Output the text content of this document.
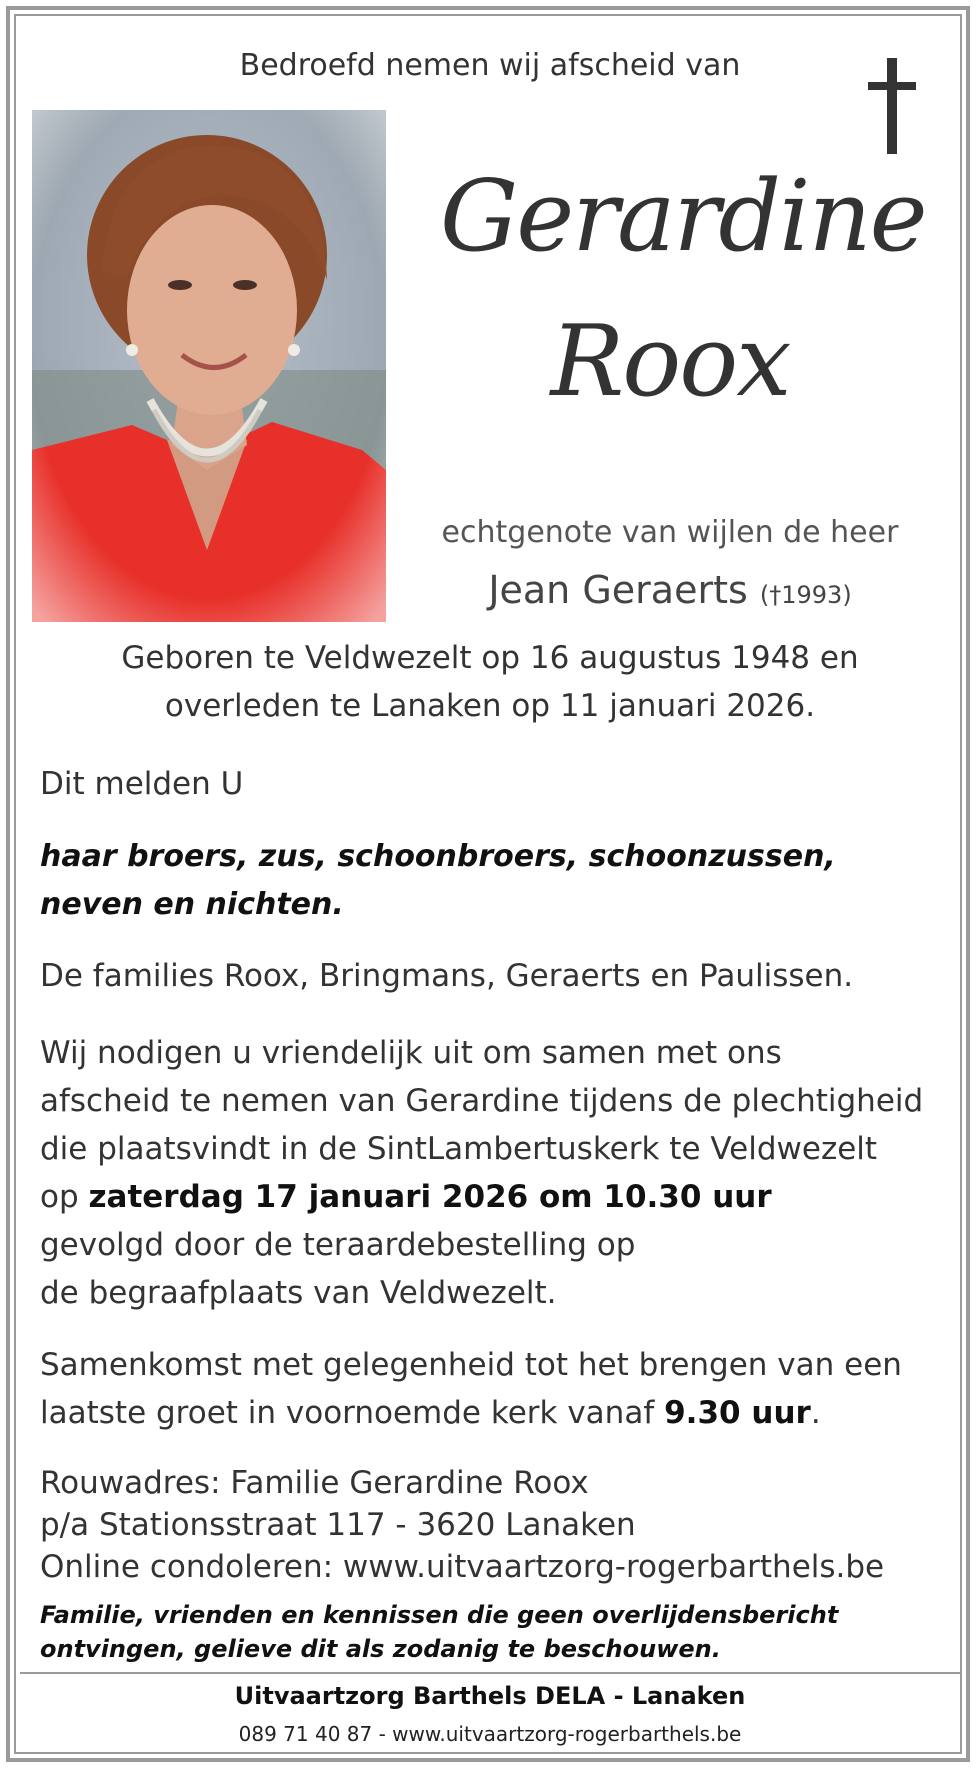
Bedroefd nemen wij afscheid van
Gerardine
Roox
echtgenote van wijlen de heer
Jean Geraerts (†1993)
Geboren te Veldwezelt op 16 augustus 1948 en
overleden te Lanaken op 11 januari 2026.
Dit melden U
haar broers, zus, schoonbroers, schoonzussen,
neven en nichten.
De families Roox, Bringmans, Geraerts en Paulissen.
Wij nodigen u vriendelijk uit om samen met ons
afscheid te nemen van Gerardine tijdens de plechtigheid
die plaatsvindt in de SintLambertuskerk te Veldwezelt
op zaterdag 17 januari 2026 om 10.30 uur
gevolgd door de teraardebestelling op
de begraafplaats van Veldwezelt.
Samenkomst met gelegenheid tot het brengen van een
laatste groet in voornoemde kerk vanaf 9.30 uur.
Rouwadres: Familie Gerardine Roox
p/a Stationsstraat 117 - 3620 Lanaken
Online condoleren: www.uitvaartzorg-rogerbarthels.be
Familie, vrienden en kennissen die geen overlijdensbericht
ontvingen, gelieve dit als zodanig te beschouwen.
Uitvaartzorg Barthels DELA - Lanaken
089 71 40 87 - www.uitvaartzorg-rogerbarthels.be
